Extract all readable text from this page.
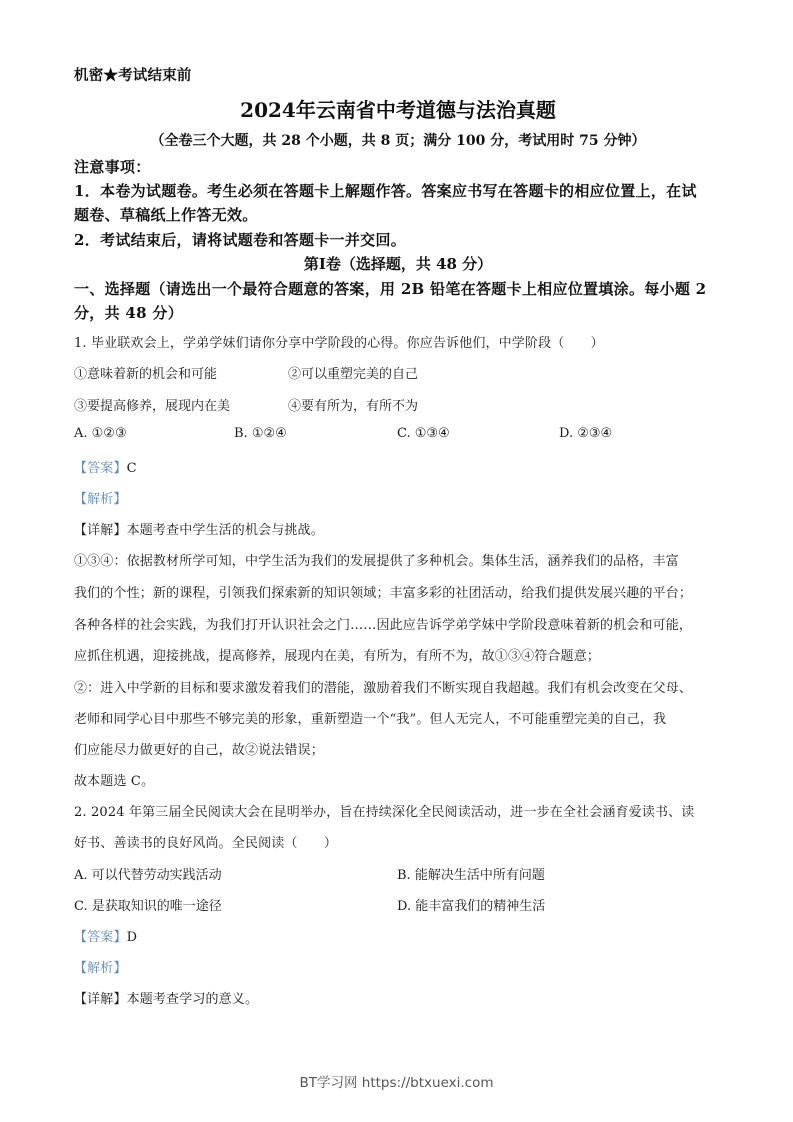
机密★考试结束前
2024年云南省中考道德与法治真题
（全卷三个大题，共 28 个小题，共 8 页；满分 100 分，考试用时 75 分钟）
注意事项：
1．本卷为试题卷。考生必须在答题卡上解题作答。答案应书写在答题卡的相应位置上，在试
题卷、草稿纸上作答无效。
2．考试结束后，请将试题卷和答题卡一并交回。
第Ⅰ卷（选择题，共 48 分）
一、选择题（请选出一个最符合题意的答案，用 2B 铅笔在答题卡上相应位置填涂。每小题 2
分，共 48 分）
1. 毕业联欢会上，学弟学妹们请你分享中学阶段的心得。你应告诉他们，中学阶段（　　）
①意味着新的机会和可能	②可以重塑完美的自己
③要提高修养，展现内在美	④要有所为，有所不为
A. ①②③	B. ①②④	C. ①③④	D. ②③④
【答案】C
【解析】
【详解】本题考查中学生活的机会与挑战。
①③④：依据教材所学可知，中学生活为我们的发展提供了多种机会。集体生活，涵养我们的品格，丰富
我们的个性；新的课程，引领我们探索新的知识领域；丰富多彩的社团活动，给我们提供发展兴趣的平台；
各种各样的社会实践，为我们打开认识社会之门……因此应告诉学弟学妹中学阶段意味着新的机会和可能，
应抓住机遇，迎接挑战，提高修养，展现内在美，有所为，有所不为，故①③④符合题意；
②：进入中学新的目标和要求激发着我们的潜能，激励着我们不断实现自我超越。我们有机会改变在父母、
老师和同学心目中那些不够完美的形象，重新塑造一个“我”。但人无完人，不可能重塑完美的自己，我
们应能尽力做更好的自己，故②说法错误；
故本题选 C。
2. 2024 年第三届全民阅读大会在昆明举办，旨在持续深化全民阅读活动，进一步在全社会涵育爱读书、读
好书、善读书的良好风尚。全民阅读（　　）
A. 可以代替劳动实践活动	B. 能解决生活中所有问题
C. 是获取知识的唯一途径	D. 能丰富我们的精神生活
【答案】D
【解析】
【详解】本题考查学习的意义。
BT学习网 https://btxuexi.com
